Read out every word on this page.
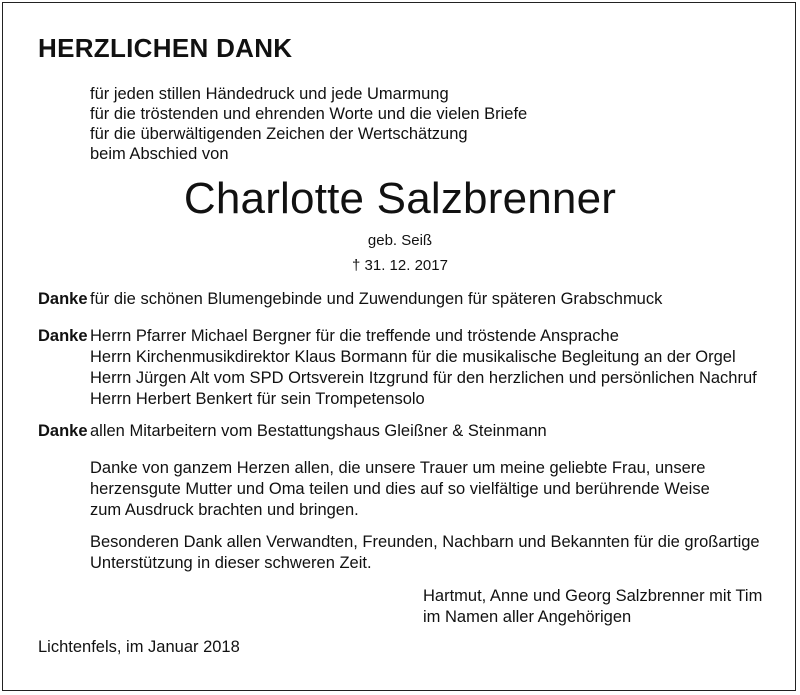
HERZLICHEN DANK
für jeden stillen Händedruck und jede Umarmung
für die tröstenden und ehrenden Worte und die vielen Briefe
für die überwältigenden Zeichen der Wertschätzung
beim Abschied von
Charlotte Salzbrenner
geb. Seiß
† 31. 12. 2017
Danke für die schönen Blumengebinde und Zuwendungen für späteren Grabschmuck
Danke Herrn Pfarrer Michael Bergner für die treffende und tröstende Ansprache
Herrn Kirchenmusikdirektor Klaus Bormann für die musikalische Begleitung an der Orgel
Herrn Jürgen Alt vom SPD Ortsverein Itzgrund für den herzlichen und persönlichen Nachruf
Herrn Herbert Benkert für sein Trompetensolo
Danke allen Mitarbeitern vom Bestattungshaus Gleißner & Steinmann
Danke von ganzem Herzen allen, die unsere Trauer um meine geliebte Frau, unsere
herzensgute Mutter und Oma teilen und dies auf so vielfältige und berührende Weise
zum Ausdruck brachten und bringen.
Besonderen Dank allen Verwandten, Freunden, Nachbarn und Bekannten für die großartige
Unterstützung in dieser schweren Zeit.
Hartmut, Anne und Georg Salzbrenner mit Tim
im Namen aller Angehörigen
Lichtenfels, im Januar 2018
